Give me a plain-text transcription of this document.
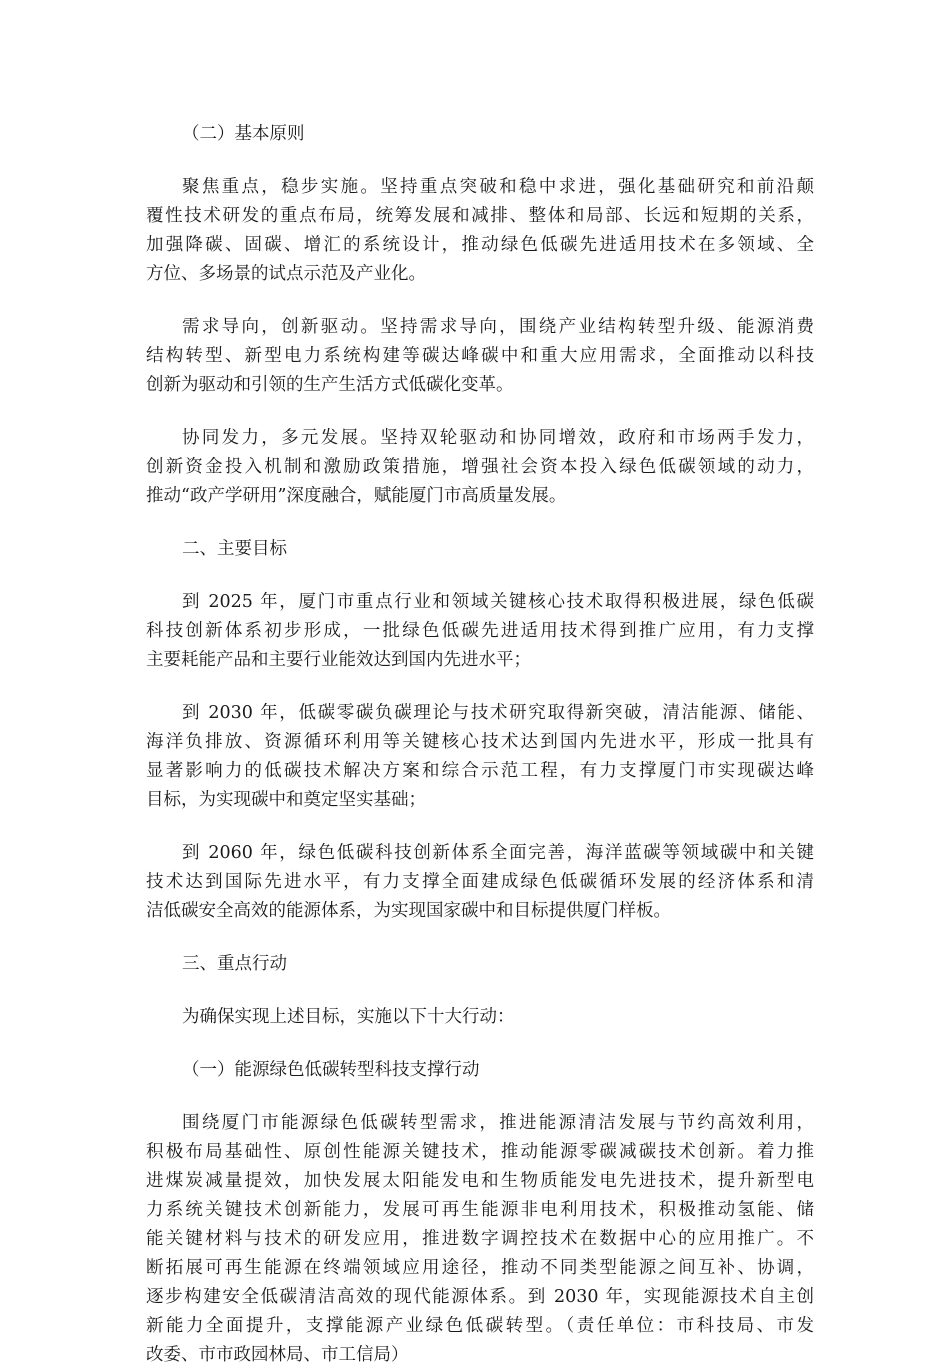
（二）基本原则
聚焦重点，稳步实施。坚持重点突破和稳中求进，强化基础研究和前沿颠
覆性技术研发的重点布局，统筹发展和减排、整体和局部、长远和短期的关系，
加强降碳、固碳、增汇的系统设计，推动绿色低碳先进适用技术在多领域、全
方位、多场景的试点示范及产业化。
需求导向，创新驱动。坚持需求导向，围绕产业结构转型升级、能源消费
结构转型、新型电力系统构建等碳达峰碳中和重大应用需求，全面推动以科技
创新为驱动和引领的生产生活方式低碳化变革。
协同发力，多元发展。坚持双轮驱动和协同增效，政府和市场两手发力，
创新资金投入机制和激励政策措施，增强社会资本投入绿色低碳领域的动力，
推动“政产学研用”深度融合，赋能厦门市高质量发展。
二、主要目标
到 2025 年，厦门市重点行业和领域关键核心技术取得积极进展，绿色低碳
科技创新体系初步形成，一批绿色低碳先进适用技术得到推广应用，有力支撑
主要耗能产品和主要行业能效达到国内先进水平；
到 2030 年，低碳零碳负碳理论与技术研究取得新突破，清洁能源、储能、
海洋负排放、资源循环利用等关键核心技术达到国内先进水平，形成一批具有
显著影响力的低碳技术解决方案和综合示范工程，有力支撑厦门市实现碳达峰
目标，为实现碳中和奠定坚实基础；
到 2060 年，绿色低碳科技创新体系全面完善，海洋蓝碳等领域碳中和关键
技术达到国际先进水平，有力支撑全面建成绿色低碳循环发展的经济体系和清
洁低碳安全高效的能源体系，为实现国家碳中和目标提供厦门样板。
三、重点行动
为确保实现上述目标，实施以下十大行动：
（一）能源绿色低碳转型科技支撑行动
围绕厦门市能源绿色低碳转型需求，推进能源清洁发展与节约高效利用，
积极布局基础性、原创性能源关键技术，推动能源零碳减碳技术创新。着力推
进煤炭减量提效，加快发展太阳能发电和生物质能发电先进技术，提升新型电
力系统关键技术创新能力，发展可再生能源非电利用技术，积极推动氢能、储
能关键材料与技术的研发应用，推进数字调控技术在数据中心的应用推广。不
断拓展可再生能源在终端领域应用途径，推动不同类型能源之间互补、协调，
逐步构建安全低碳清洁高效的现代能源体系。到 2030 年，实现能源技术自主创
新能力全面提升，支撑能源产业绿色低碳转型。（责任单位：市科技局、市发
改委、市市政园林局、市工信局）
